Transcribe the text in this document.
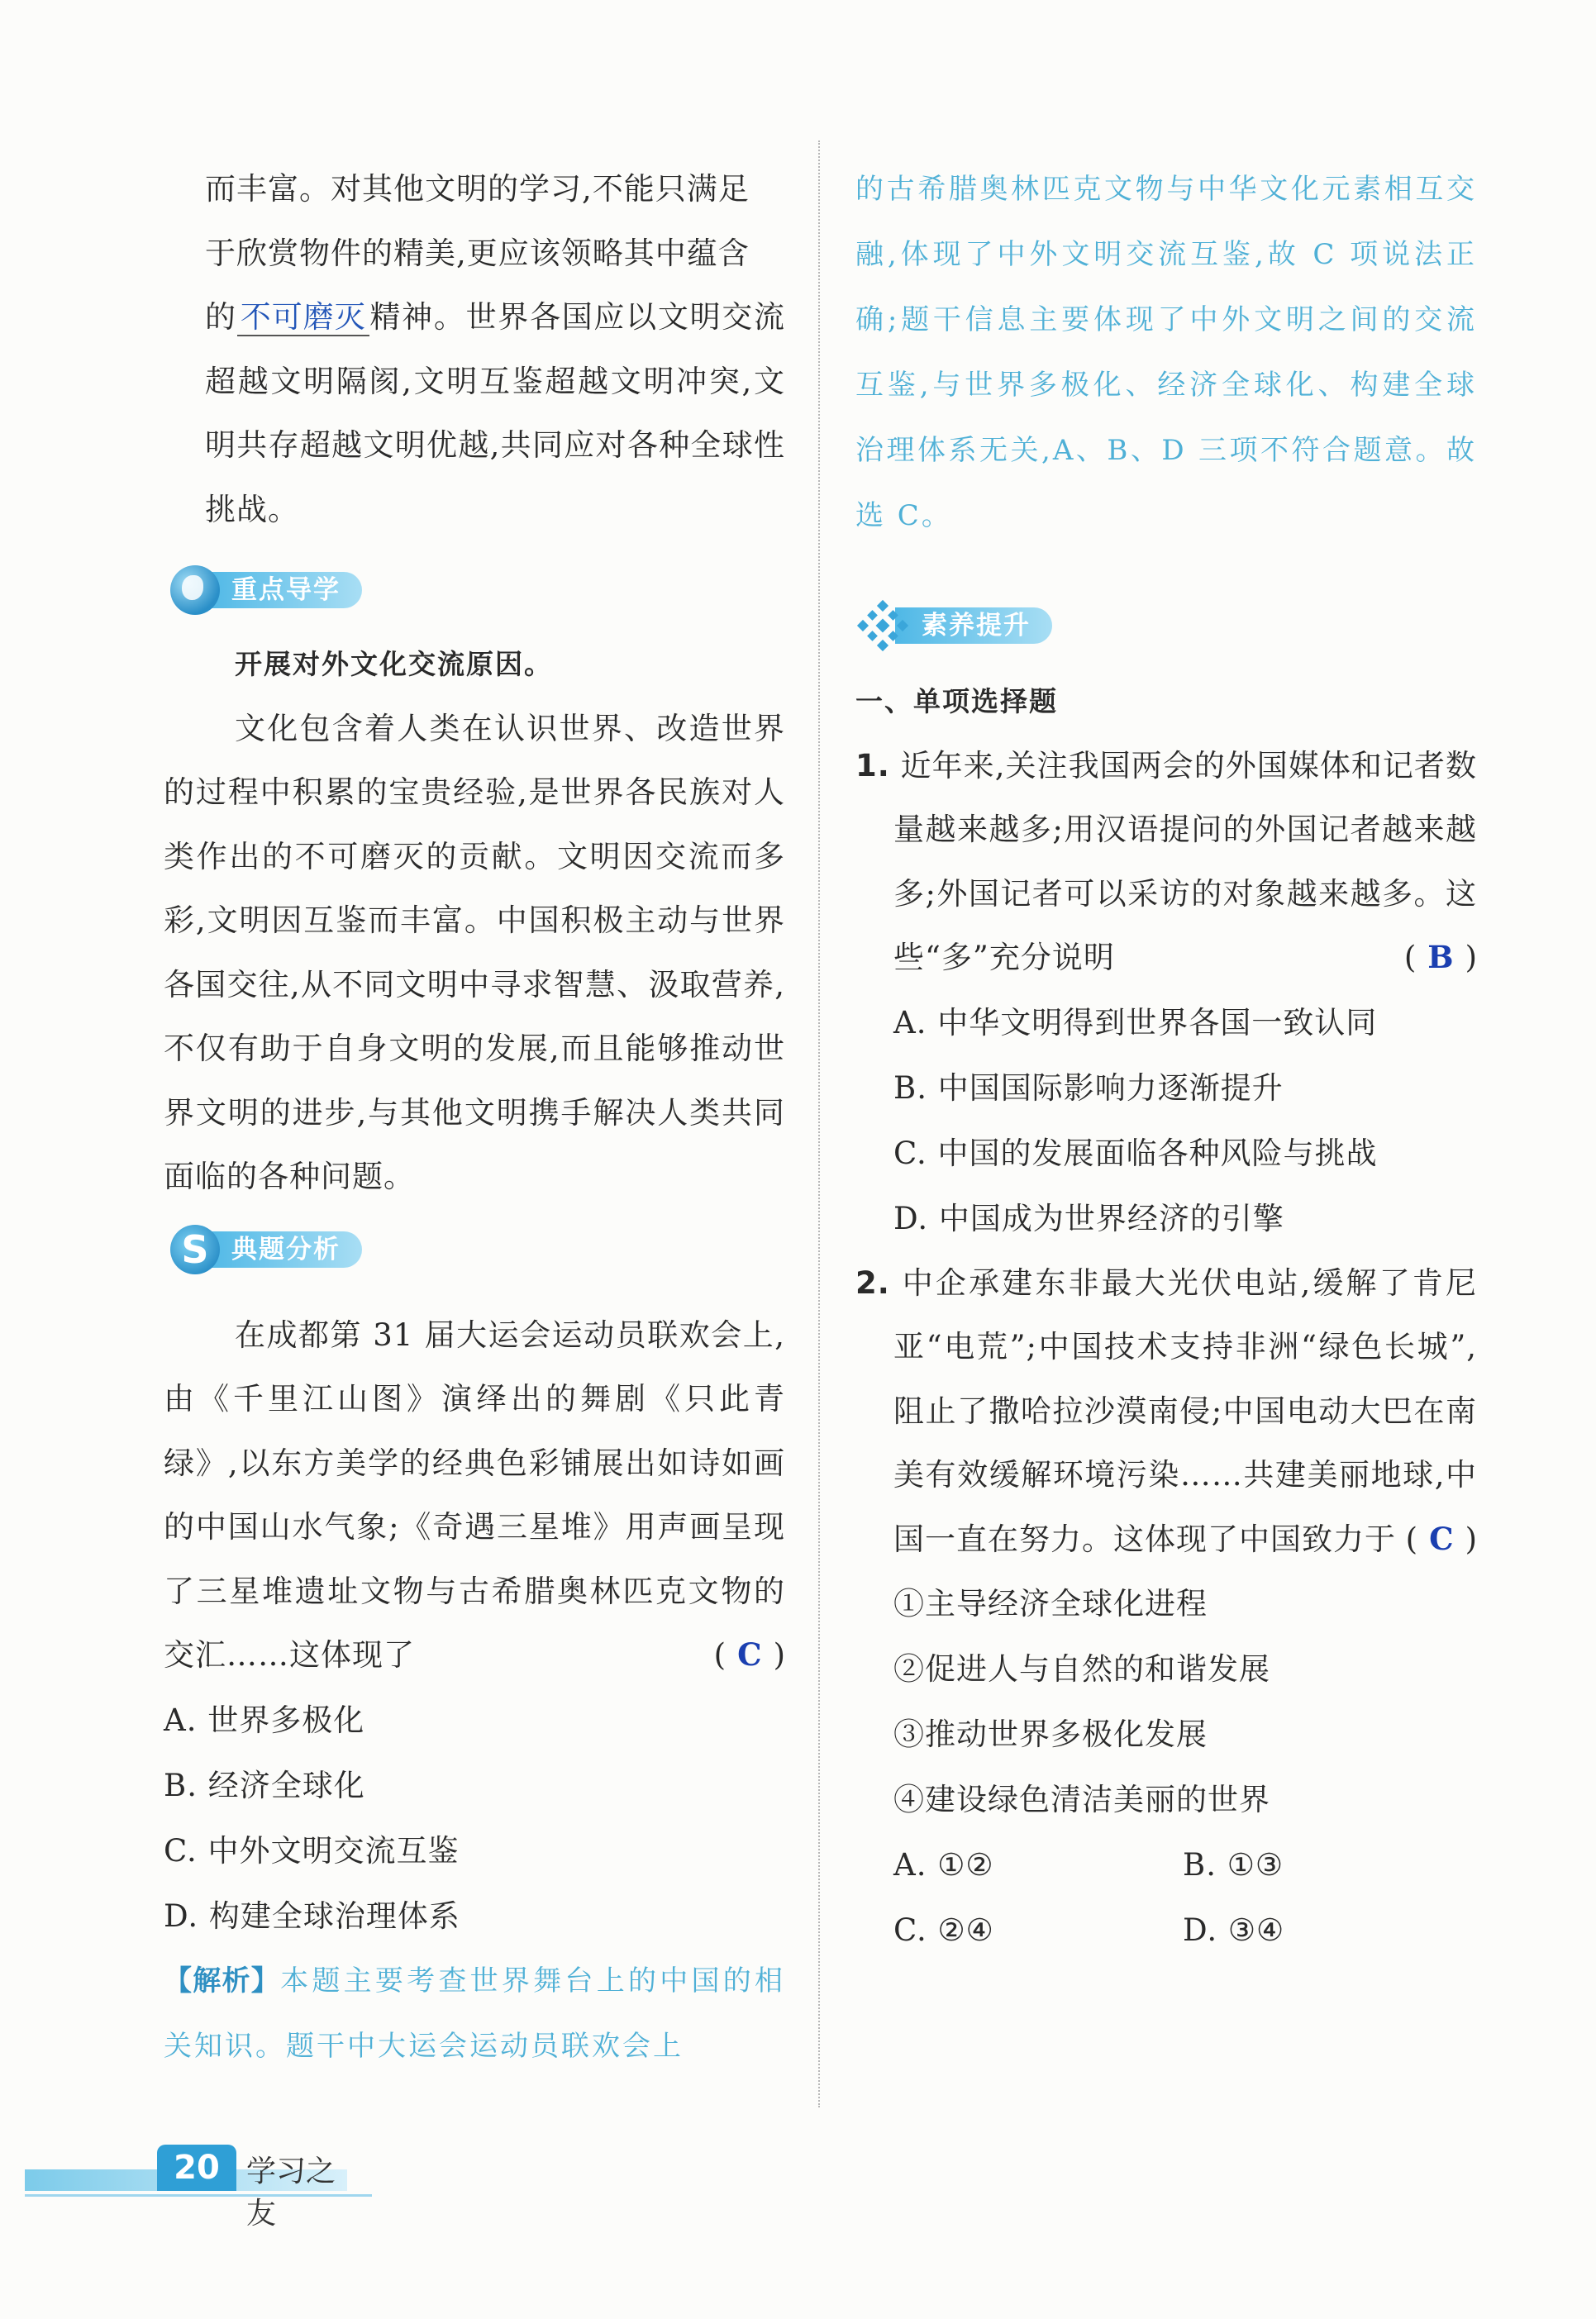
而丰富。对其他文明的学习,不能只满足

于欣赏物件的精美,更应该领略其中蕴含

的 不可磨灭 精神。世界各国应以文明交流超越文明隔阂,文明互鉴超越文明冲突,文明共存超越文明优越,共同应对各种全球性挑战。

重点导学

开展对外文化交流原因。

文化包含着人类在认识世界、改造世界的过程中积累的宝贵经验,是世界各民族对人类作出的不可磨灭的贡献。文明因交流而多彩,文明因互鉴而丰富。中国积极主动与世界各国交往,从不同文明中寻求智慧、汲取营养,不仅有助于自身文明的发展,而且能够推动世界文明的进步,与其他文明携手解决人类共同面临的各种问题。

S 典题分析

在成都第 31 届大运会运动员联欢会上,由《千里江山图》演绎出的舞剧《只此青绿》,以东方美学的经典色彩铺展出如诗如画的中国山水气象;《奇遇三星堆》用声画呈现了三星堆遗址文物与古希腊奥林匹克文物的交汇……这体现了	( C )

A. 世界多极化

B. 经济全球化

C. 中外文明交流互鉴

D. 构建全球治理体系

【解析】本题主要考查世界舞台上的中国的相关知识。题干中大运会运动员联欢会上

的古希腊奥林匹克文物与中华文化元素相互交融,体现了中外文明交流互鉴,故 C 项说法正确;题干信息主要体现了中外文明之间的交流互鉴,与世界多极化、经济全球化、构建全球治理体系无关,A、B、D 三项不符合题意。故选 C。

素养提升

一、单项选择题

1. 近年来,关注我国两会的外国媒体和记者数量越来越多;用汉语提问的外国记者越来越多;外国记者可以采访的对象越来越多。这些“多”充分说明	( B )

A. 中华文明得到世界各国一致认同

B. 中国国际影响力逐渐提升

C. 中国的发展面临各种风险与挑战

D. 中国成为世界经济的引擎

2. 中企承建东非最大光伏电站,缓解了肯尼亚“电荒”;中国技术支持非洲“绿色长城”,阻止了撒哈拉沙漠南侵;中国电动大巴在南美有效缓解环境污染……共建美丽地球,中国一直在努力。这体现了中国致力于 ( C )

①主导经济全球化进程

②促进人与自然的和谐发展

③推动世界多极化发展

④建设绿色清洁美丽的世界

A. ①②	B. ①③

C. ②④	D. ③④

20 学习之友
